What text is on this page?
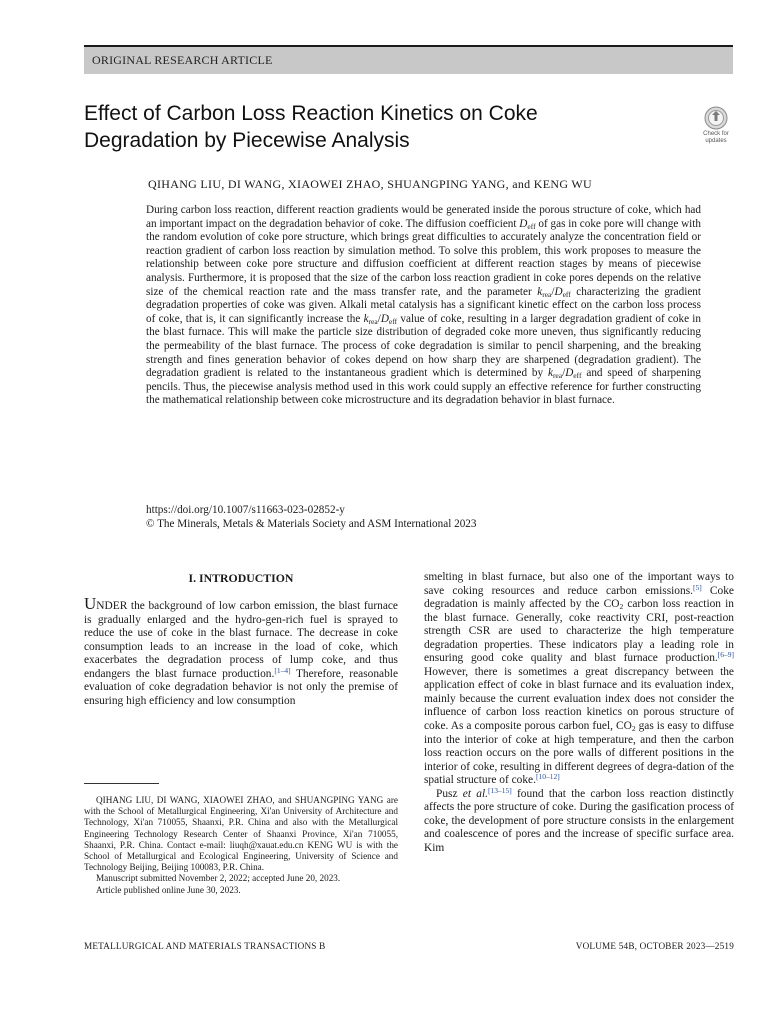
ORIGINAL RESEARCH ARTICLE
Effect of Carbon Loss Reaction Kinetics on Coke
Degradation by Piecewise Analysis	Check for
updates
QIHANG LIU, DI WANG, XIAOWEI ZHAO, SHUANGPING YANG, and KENG WU

During carbon loss reaction, different reaction gradients would be generated inside the porous structure of coke, which had an important impact on the degradation behavior of coke. The diffusion coefficient $D_{eff}$ of gas in coke pore will change with the random evolution of coke pore structure, which brings great difficulties to accurately analyze the concentration field or reaction gradient of carbon loss reaction by simulation method. To solve this problem, this work proposes to measure the relationship between coke pore structure and diffusion coefficient at different reaction stages by means of piecewise analysis. Furthermore, it is proposed that the size of the carbon loss reaction gradient in coke pores depends on the relative size of the chemical reaction rate and the mass transfer rate, and the parameter $k_{rea}/D_{eff}$ characterizing the gradient degradation properties of coke was given. Alkali metal catalysis has a significant kinetic effect on the carbon loss process of coke, that is, it can significantly increase the $k_{rea}/D_{eff}$ value of coke, resulting in a larger degradation gradient of coke in the blast furnace. This will make the particle size distribution of degraded coke more uneven, thus significantly reducing the permeability of the blast furnace. The process of coke degradation is similar to pencil sharpening, and the breaking strength and fines generation behavior of cokes depend on how sharp they are sharpened (degradation gradient). The degradation gradient is related to the instantaneous gradient which is determined by $k_{rea}/D_{eff}$ and speed of sharpening pencils. Thus, the piecewise analysis method used in this work could supply an effective reference for further constructing the mathematical relationship between coke microstructure and its degradation behavior in blast furnace.

https://doi.org/10.1007/s11663-023-02852-y
© The Minerals, Metals & Materials Society and ASM International 2023
I. INTRODUCTION

UNDER the background of low carbon emission, the blast furnace is gradually enlarged and the hydro-gen-rich fuel is sprayed to reduce the use of coke in the blast furnace. The decrease in coke consumption leads to an increase in the load of coke, which exacerbates the degradation process of lump coke, and thus endangers the blast furnace production.[1–4] Therefore, reasonable evaluation of coke degradation behavior is not only the premise of ensuring high efficiency and low consumption

QIHANG LIU, DI WANG, XIAOWEI ZHAO, and SHUANGPING YANG are with the School of Metallurgical Engineering, Xi'an University of Architecture and Technology, Xi'an 710055, Shaanxi, P.R. China and also with the Metallurgical Engineering Technology Research Center of Shaanxi Province, Xi'an 710055, Shaanxi, P.R. China. Contact e-mail: liuqh@xauat.edu.cn KENG WU is with the School of Metallurgical and Ecological Engineering, University of Science and Technology Beijing, Beijing 100083, P.R. China.

Manuscript submitted November 2, 2022; accepted June 20, 2023.

Article published online June 30, 2023.

smelting in blast furnace, but also one of the important ways to save coking resources and reduce carbon emissions.[5] Coke degradation is mainly affected by the $CO_2$ carbon loss reaction in the blast furnace. Generally, coke reactivity CRI, post-reaction strength CSR are used to characterize the high temperature degradation properties. These indicators play a leading role in ensuring good coke quality and blast furnace production.[6–9] However, there is sometimes a great discrepancy between the application effect of coke in blast furnace and its evaluation index, mainly because the current evaluation index does not consider the influence of carbon loss reaction kinetics on porous structure of coke. As a composite porous carbon fuel, $CO_2$ gas is easy to diffuse into the interior of coke at high temperature, and then the carbon loss reaction occurs on the pore walls of different positions in the interior of coke, resulting in different degrees of degra-dation of the spatial structure of coke.[10–12]

Pusz et al.[13–15] found that the carbon loss reaction distinctly affects the pore structure of coke. During the gasification process of coke, the development of pore structure consists in the enlargement and coalescence of pores and the increase of specific surface area. Kim

METALLURGICAL AND MATERIALS TRANSACTIONS B	VOLUME 54B, OCTOBER 2023—2519
